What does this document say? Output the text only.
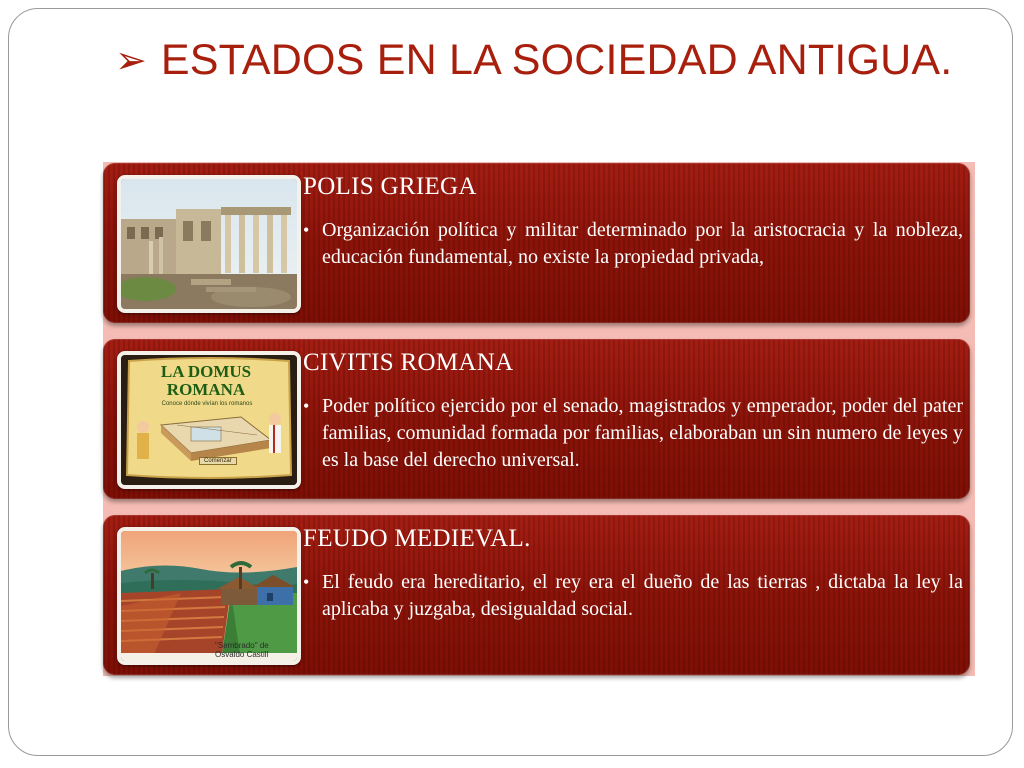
➢ ESTADOS EN LA SOCIEDAD ANTIGUA.
POLIS GRIEGA
• Organización política y militar determinado por la aristocracia y la nobleza, educación fundamental, no existe la propiedad privada,
LA DOMUS ROMANA
Conoce dónde vivían los romanos
Comenzar
CIVITIS ROMANA
• Poder político ejercido por el senado, magistrados y emperador, poder del pater familias, comunidad formada por familias, elaboraban un sin numero de leyes y es la base del derecho universal.
"Sembrado" de Osvaldo Castill
FEUDO MEDIEVAL.
• El feudo era hereditario, el rey era el dueño de las tierras , dictaba la ley la aplicaba y juzgaba, desigualdad social.
